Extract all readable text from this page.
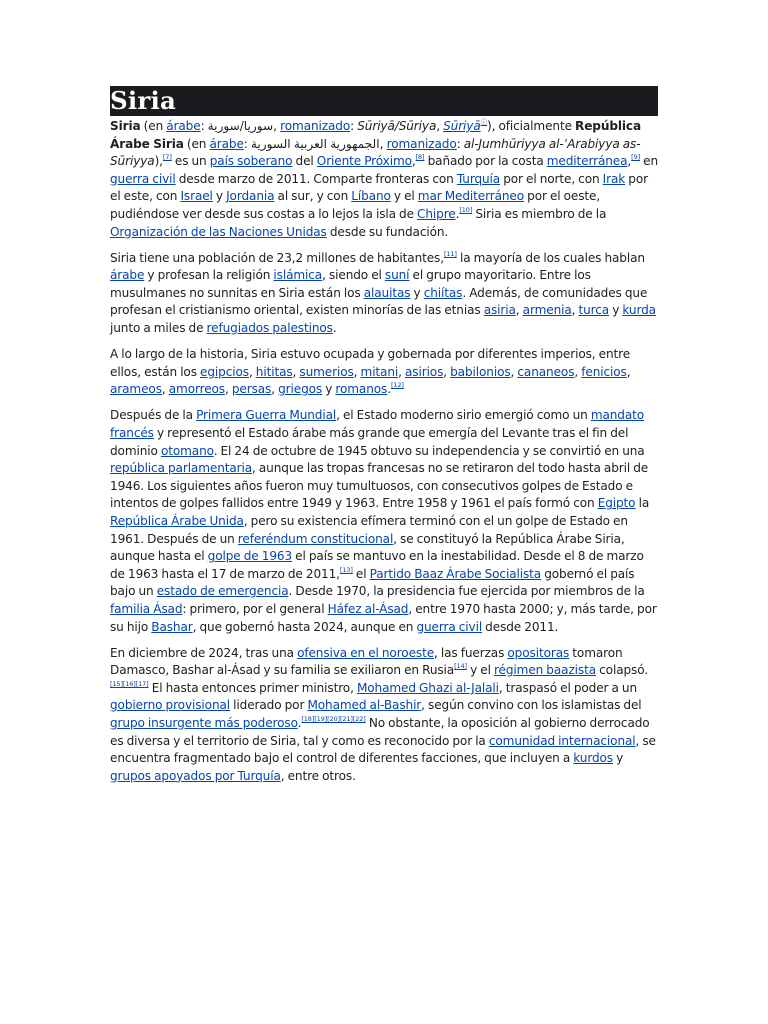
Siria

Siria (en árabe: سوريا/سورية, romanizado: Sūriyā/Sūriya, Sūriyāⓘ), oficialmente República Árabe Siria (en árabe: الجمهورية العربية السورية, romanizado: al-Jumhūriyya al-ʿArabiyya as-Sūriyya),[7] es un país soberano del Oriente Próximo,[8] bañado por la costa mediterránea,[9] en guerra civil desde marzo de 2011. Comparte fronteras con Turquía por el norte, con Irak por el este, con Israel y Jordania al sur, y con Líbano y el mar Mediterráneo por el oeste, pudiéndose ver desde sus costas a lo lejos la isla de Chipre.[10] Siria es miembro de la Organización de las Naciones Unidas desde su fundación.

Siria tiene una población de 23,2 millones de habitantes,[11] la mayoría de los cuales hablan árabe y profesan la religión islámica, siendo el suní el grupo mayoritario. Entre los musulmanes no sunnitas en Siria están los alauitas y chiítas. Además, de comunidades que profesan el cristianismo oriental, existen minorías de las etnias asiria, armenia, turca y kurda junto a miles de refugiados palestinos.

A lo largo de la historia, Siria estuvo ocupada y gobernada por diferentes imperios, entre ellos, están los egipcios, hititas, sumerios, mitani, asirios, babilonios, cananeos, fenicios, arameos, amorreos, persas, griegos y romanos.[12]

Después de la Primera Guerra Mundial, el Estado moderno sirio emergió como un mandato francés y representó el Estado árabe más grande que emergía del Levante tras el fin del dominio otomano. El 24 de octubre de 1945 obtuvo su independencia y se convirtió en una república parlamentaria, aunque las tropas francesas no se retiraron del todo hasta abril de 1946. Los siguientes años fueron muy tumultuosos, con consecutivos golpes de Estado e intentos de golpes fallidos entre 1949 y 1963. Entre 1958 y 1961 el país formó con Egipto la República Árabe Unida, pero su existencia efímera terminó con el un golpe de Estado en 1961. Después de un referéndum constitucional, se constituyó la República Árabe Siria, aunque hasta el golpe de 1963 el país se mantuvo en la inestabilidad. Desde el 8 de marzo de 1963 hasta el 17 de marzo de 2011,[13] el Partido Baaz Árabe Socialista gobernó el país bajo un estado de emergencia. Desde 1970, la presidencia fue ejercida por miembros de la familia Ásad: primero, por el general Háfez al-Ásad, entre 1970 hasta 2000; y, más tarde, por su hijo Bashar, que gobernó hasta 2024, aunque en guerra civil desde 2011.

En diciembre de 2024, tras una ofensiva en el noroeste, las fuerzas opositoras tomaron Damasco, Bashar al-Ásad y su familia se exiliaron en Rusia[14] y el régimen baazista colapsó.[15][16][17] El hasta entonces primer ministro, Mohamed Ghazi al-Jalali, traspasó el poder a un gobierno provisional liderado por Mohamed al-Bashir, según convino con los islamistas del grupo insurgente más poderoso.[18][19][20][21][22] No obstante, la oposición al gobierno derrocado es diversa y el territorio de Siria, tal y como es reconocido por la comunidad internacional, se encuentra fragmentado bajo el control de diferentes facciones, que incluyen a kurdos y grupos apoyados por Turquía, entre otros.
